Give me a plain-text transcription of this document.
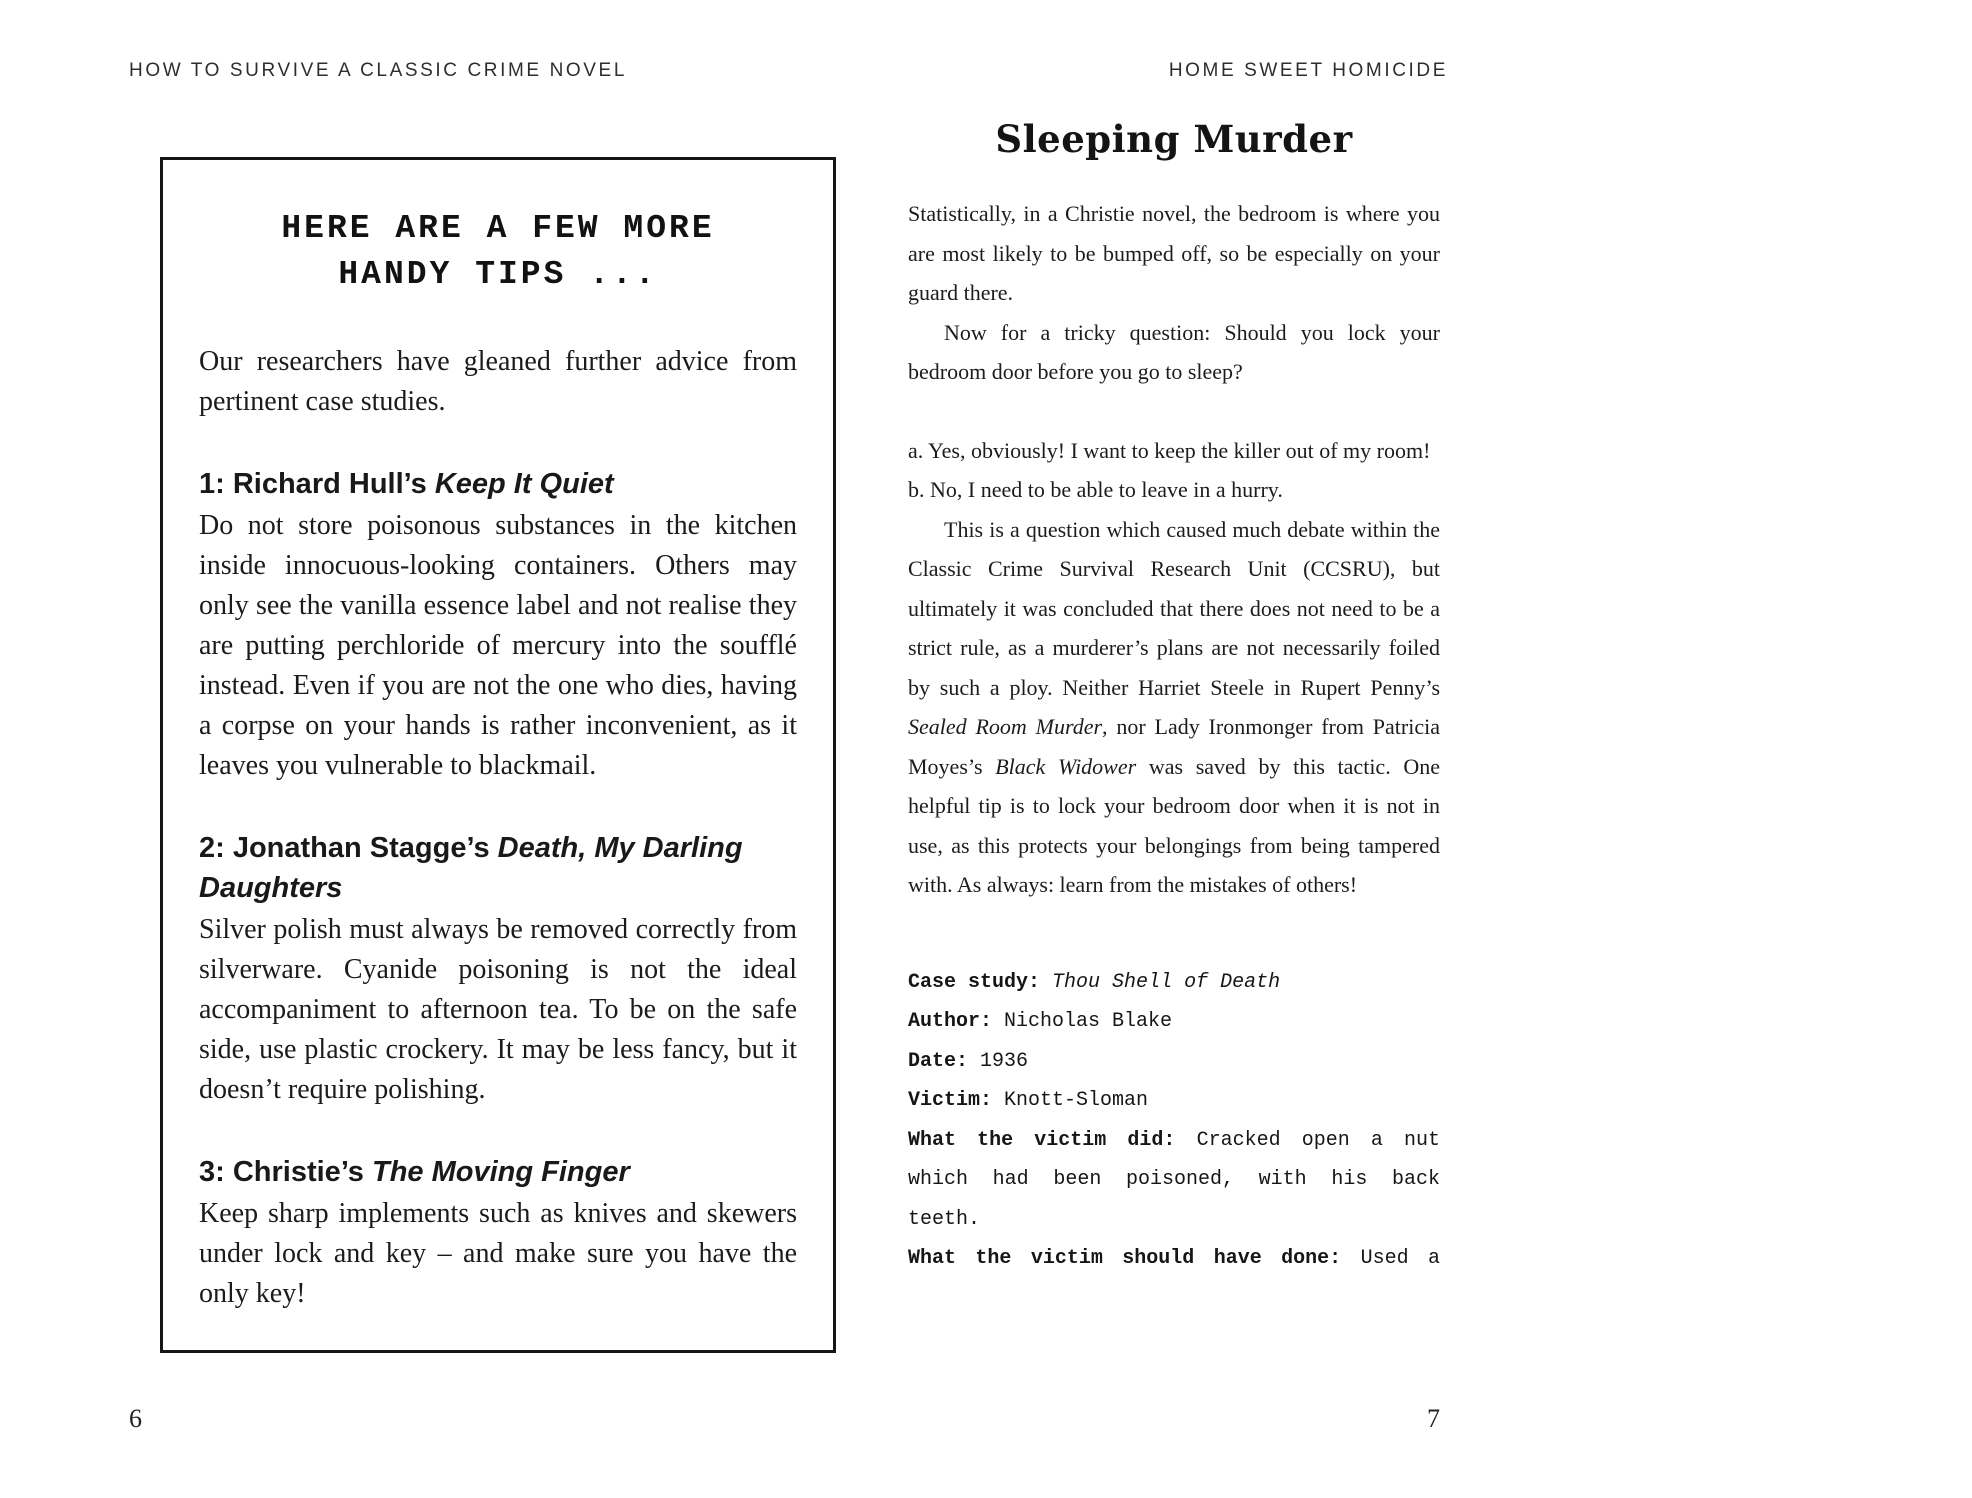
HOW TO SURVIVE A CLASSIC CRIME NOVEL	HOME SWEET HOMICIDE
HERE ARE A FEW MORE
HANDY TIPS ...

Our researchers have gleaned further advice from pertinent case studies.

1: Richard Hull’s Keep It Quiet

Do not store poisonous substances in the kitchen inside innocuous-looking containers. Others may only see the vanilla essence label and not realise they are putting perchloride of mercury into the soufflé instead. Even if you are not the one who dies, having a corpse on your hands is rather inconvenient, as it leaves you vulnerable to blackmail.

2: Jonathan Stagge’s Death, My Darling Daughters

Silver polish must always be removed correctly from silverware. Cyanide poisoning is not the ideal accompaniment to afternoon tea. To be on the safe side, use plastic crockery. It may be less fancy, but it doesn’t require polishing.

3: Christie’s The Moving Finger

Keep sharp implements such as knives and skewers under lock and key – and make sure you have the only key!

Sleeping Murder

Statistically, in a Christie novel, the bedroom is where you are most likely to be bumped off, so be especially on your guard there.

Now for a tricky question: Should you lock your bedroom door before you go to sleep?

a. Yes, obviously! I want to keep the killer out of my room!
b. No, I need to be able to leave in a hurry.

This is a question which caused much debate within the Classic Crime Survival Research Unit (CCSRU), but ultimately it was concluded that there does not need to be a strict rule, as a murderer’s plans are not necessarily foiled by such a ploy. Neither Harriet Steele in Rupert Penny’s Sealed Room Murder, nor Lady Ironmonger from Patricia Moyes’s Black Widower was saved by this tactic. One helpful tip is to lock your bedroom door when it is not in use, as this protects your belongings from being tampered with. As always: learn from the mistakes of others!

Case study: Thou Shell of Death
Author: Nicholas Blake
Date: 1936
Victim: Knott-Sloman
What the victim did: Cracked open a nut which had been poisoned, with his back teeth.
What the victim should have done: Used a
6	7
